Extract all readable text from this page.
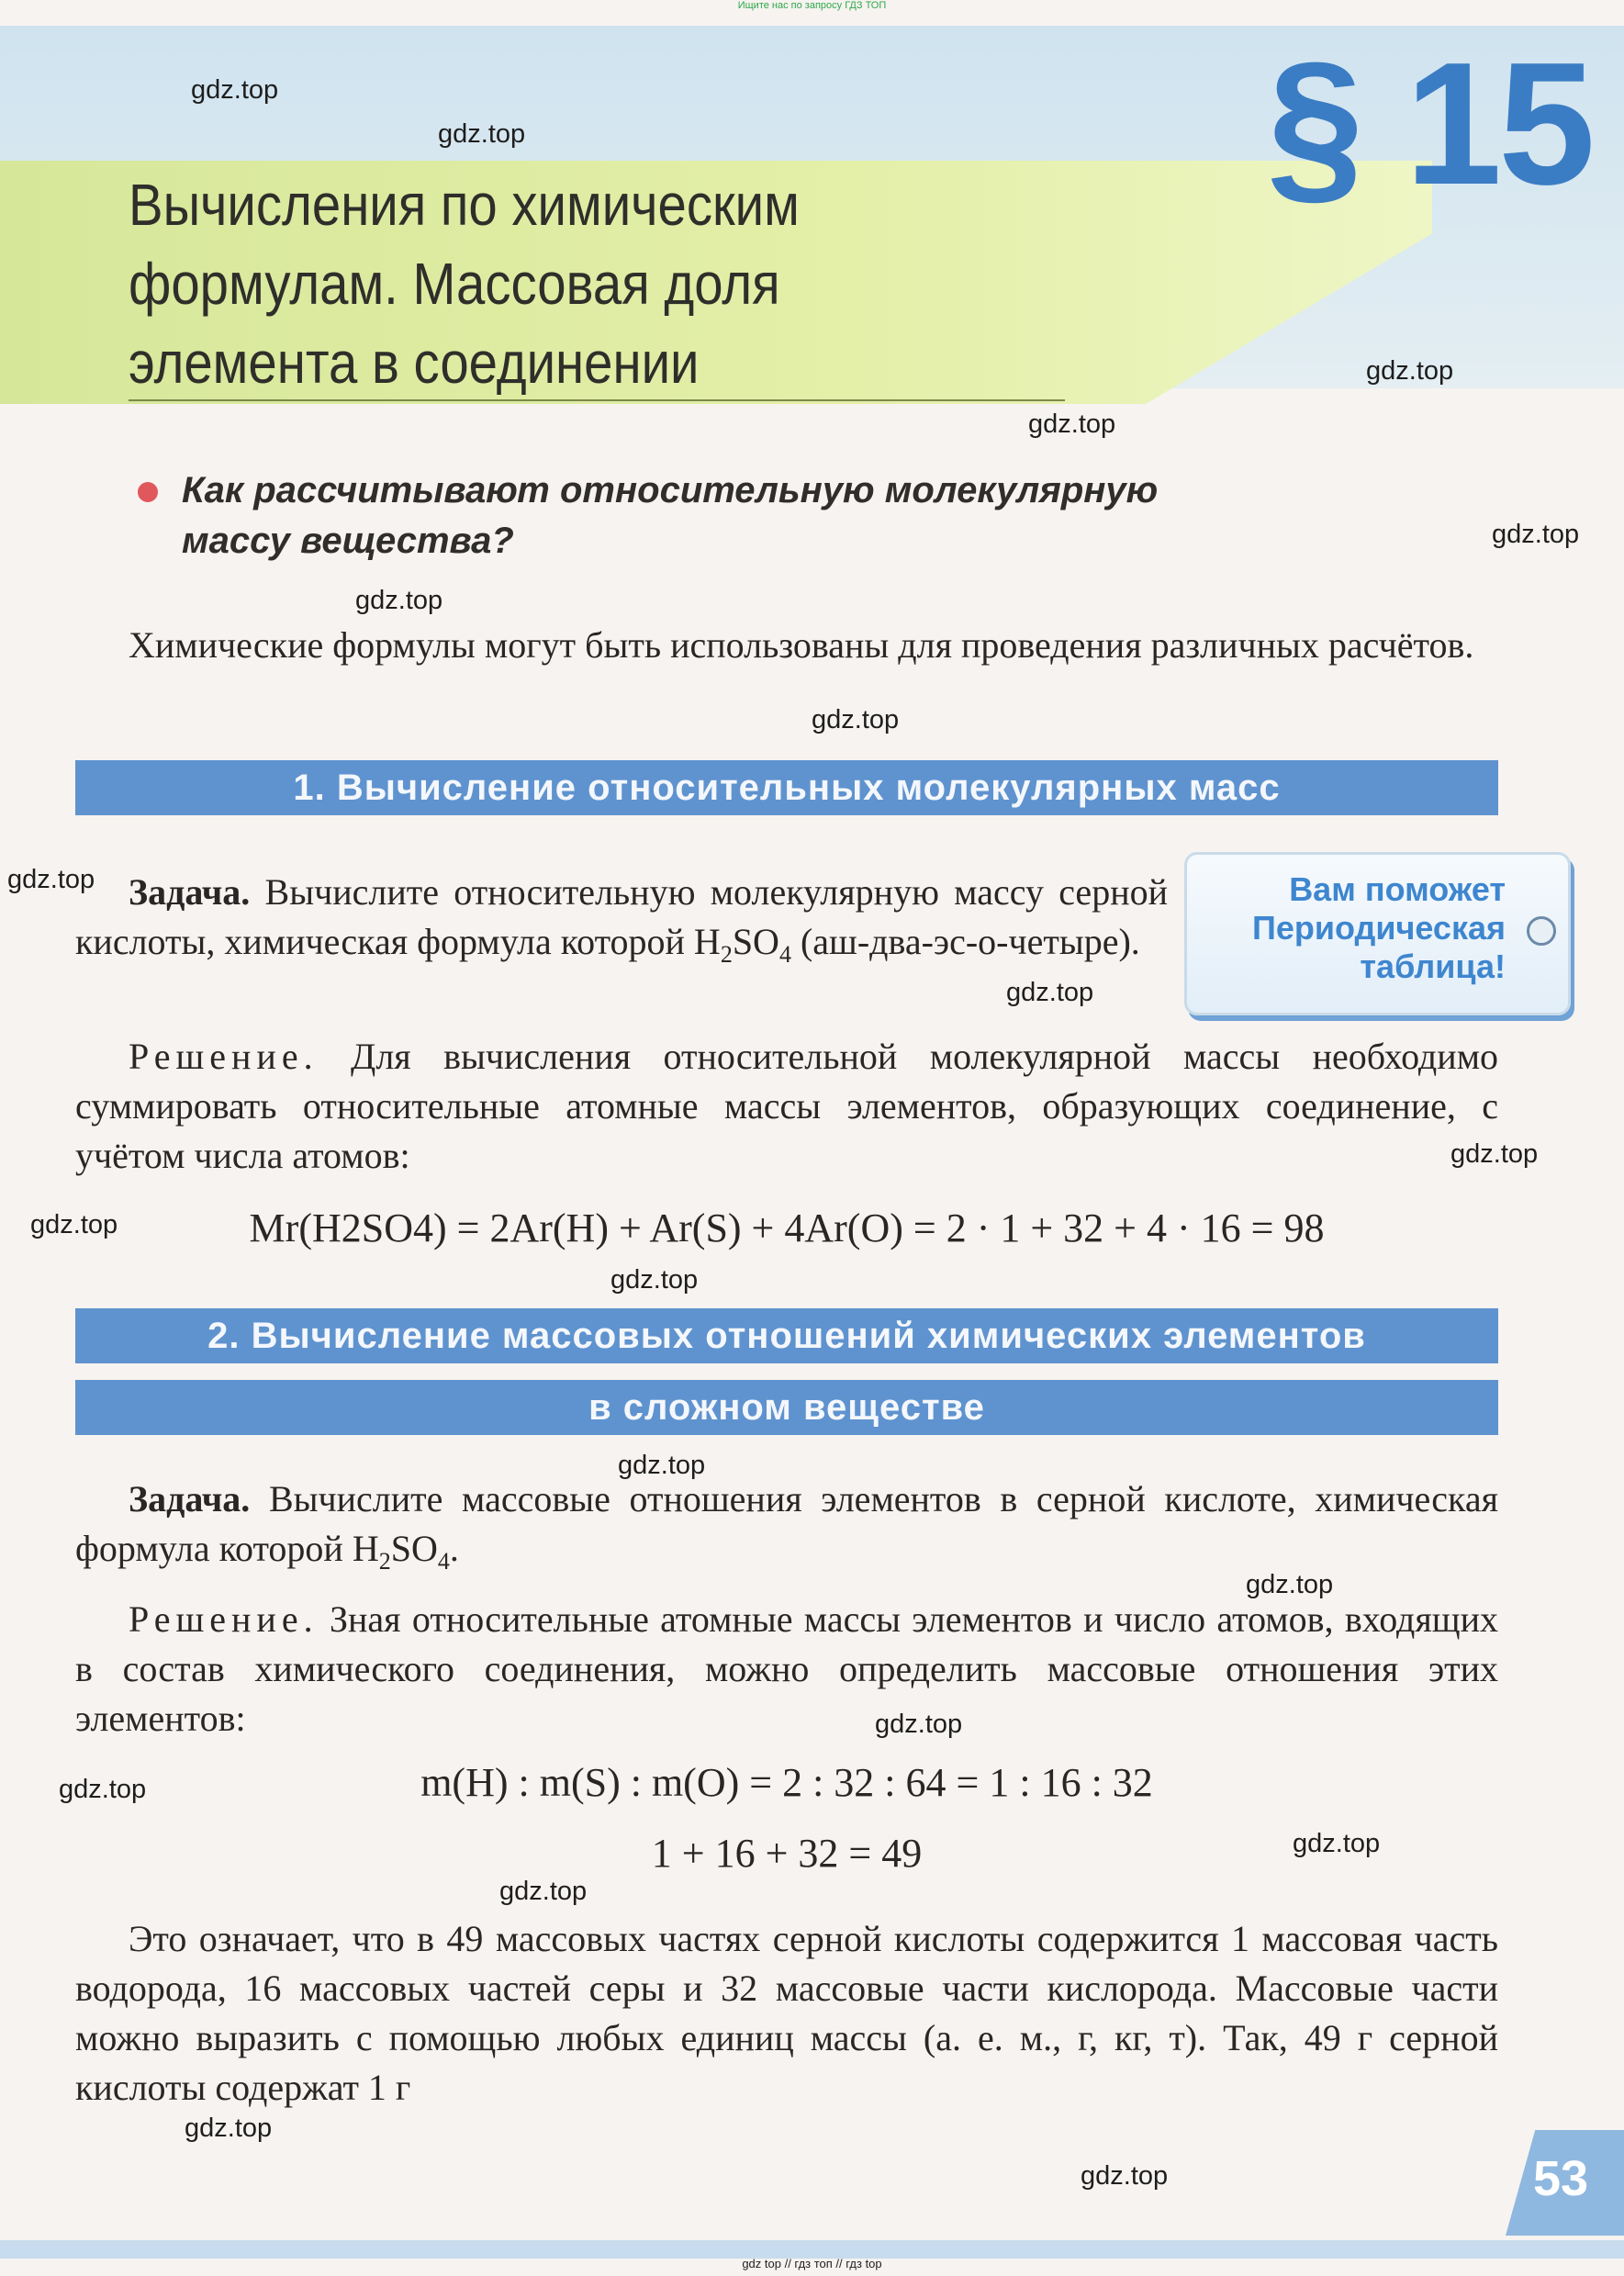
Ищите нас по запросу ГДЗ ТОП
§ 15
Вычисления по химическим
формулам. Массовая доля
элемента в соединении
Как рассчитывают относительную молекулярную
массу вещества?
Химические формулы могут быть использованы для проведения различных расчётов.
1. Вычисление относительных молекулярных масс
Задача. Вычислите относительную молекулярную массу серной кислоты, химическая формула которой $H_2SO_4$ (аш-два-эс-о-четыре).
Вам поможет
Периодическая
таблица!
Решение. Для вычисления относительной молекулярной массы необходимо суммировать относительные атомные массы элементов, образующих соединение, с учётом числа атомов:
Mr(H2SO4) = 2Ar(H) + Ar(S) + 4Ar(O) = 2 · 1 + 32 + 4 · 16 = 98
2. Вычисление массовых отношений химических элементов
в сложном веществе
Задача. Вычислите массовые отношения элементов в серной кислоте, химическая формула которой $H_2SO_4$.
Решение. Зная относительные атомные массы элементов и число атомов, входящих в состав химического соединения, можно определить массовые отношения этих элементов:
m(H) : m(S) : m(O) = 2 : 32 : 64 = 1 : 16 : 32
1 + 16 + 32 = 49
Это означает, что в 49 массовых частях серной кислоты содержится 1 массовая часть водорода, 16 массовых частей серы и 32 массовые части кислорода. Массовые части можно выразить с помощью любых единиц массы (а. е. м., г, кг, т). Так, 49 г серной кислоты содержат 1 г
53
gdz top // гдз топ // гдз top
gdz.top
gdz.top
gdz.top
gdz.top
gdz.top
gdz.top
gdz.top
gdz.top
gdz.top
gdz.top
gdz.top
gdz.top
gdz.top
gdz.top
gdz.top
gdz.top
gdz.top
gdz.top
gdz.top
gdz.top
